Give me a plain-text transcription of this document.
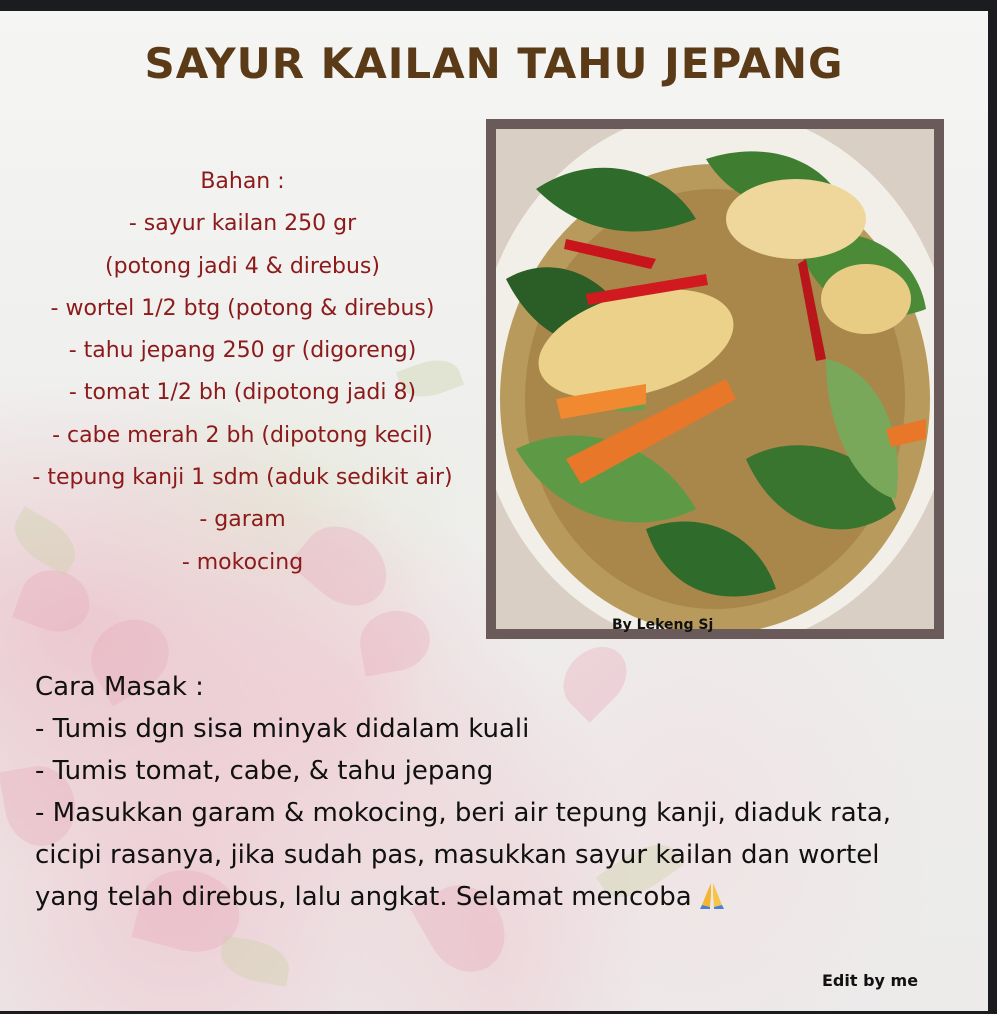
SAYUR KAILAN TAHU JEPANG
Bahan :
- sayur kailan 250 gr
(potong jadi 4 & direbus)
- wortel 1/2 btg (potong & direbus)
- tahu jepang 250 gr (digoreng)
- tomat 1/2 bh (dipotong jadi 8)
- cabe merah 2 bh (dipotong kecil)
- tepung kanji 1 sdm (aduk sedikit air)
- garam
- mokocing
By Lekeng Sj
Cara Masak :
- Tumis dgn sisa minyak didalam kuali
- Tumis tomat, cabe, & tahu jepang
- Masukkan garam & mokocing, beri air tepung kanji, diaduk rata, cicipi rasanya, jika sudah pas, masukkan sayur kailan dan wortel yang telah direbus, lalu angkat. Selamat mencoba
Edit by me
